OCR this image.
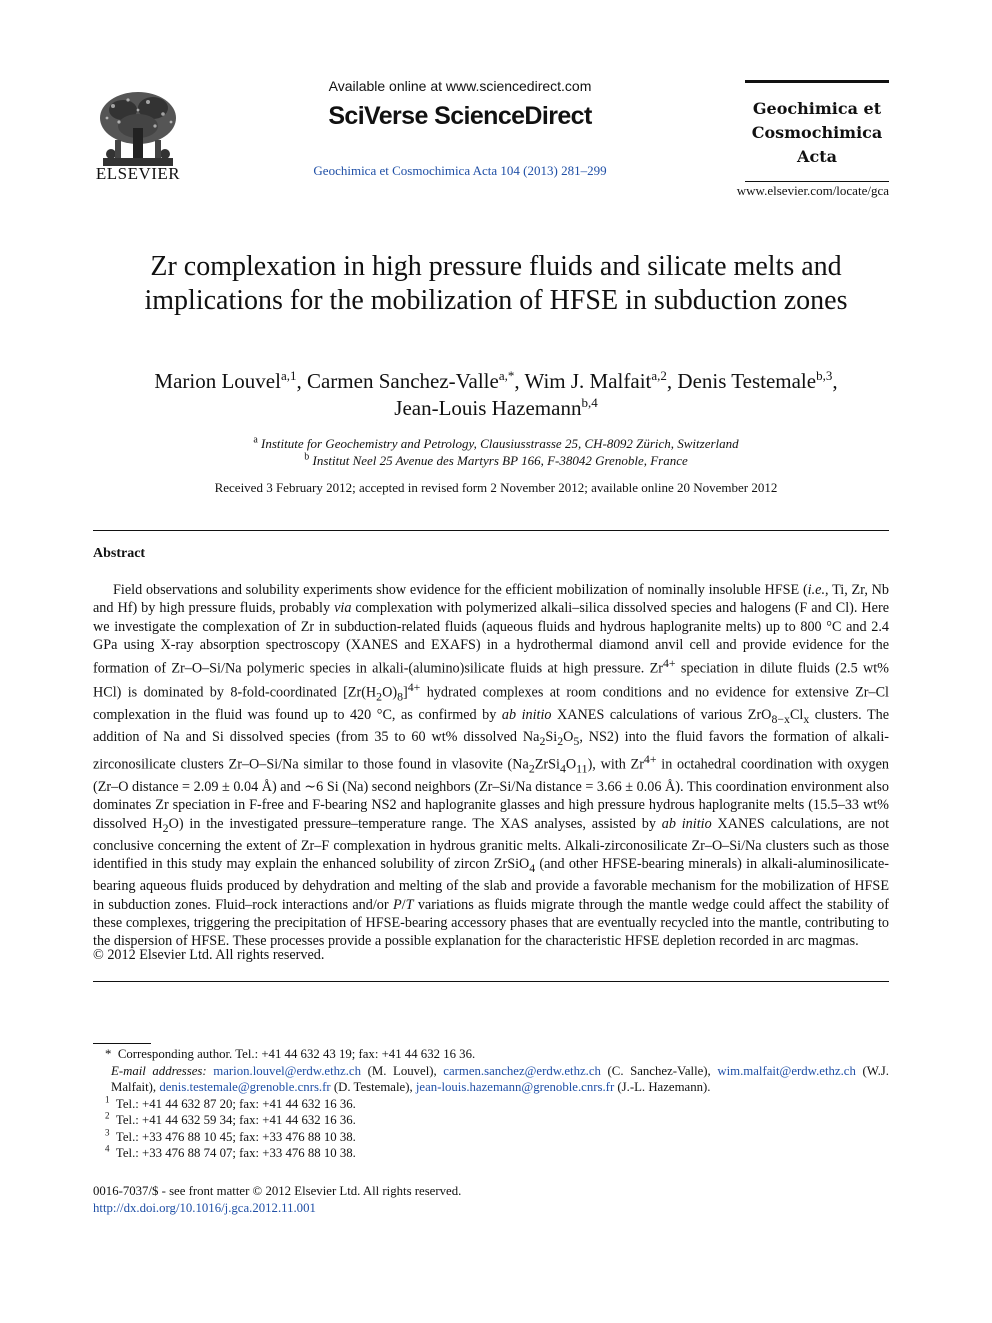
ELSEVIER
Available online at www.sciencedirect.com
SciVerse ScienceDirect
Geochimica et Cosmochimica Acta 104 (2013) 281–299
Geochimica et
Cosmochimica
Acta
www.elsevier.com/locate/gca
Zr complexation in high pressure fluids and silicate melts and implications for the mobilization of HFSE in subduction zones
Marion Louvel$^{a,1}$, Carmen Sanchez-Valle$^{a,*}$, Wim J. Malfait$^{a,2}$, Denis Testemale$^{b,3}$,
Jean-Louis Hazemann$^{b,4}$
$^a$ Institute for Geochemistry and Petrology, Clausiusstrasse 25, CH-8092 Zürich, Switzerland
$^b$ Institut Neel 25 Avenue des Martyrs BP 166, F-38042 Grenoble, France
Received 3 February 2012; accepted in revised form 2 November 2012; available online 20 November 2012
Abstract

Field observations and solubility experiments show evidence for the efficient mobilization of nominally insoluble HFSE (i.e., Ti, Zr, Nb and Hf) by high pressure fluids, probably via complexation with polymerized alkali–silica dissolved species and halogens (F and Cl). Here we investigate the complexation of Zr in subduction-related fluids (aqueous fluids and hydrous haplogranite melts) up to 800 °C and 2.4 GPa using X-ray absorption spectroscopy (XANES and EXAFS) in a hydrothermal diamond anvil cell and provide evidence for the formation of Zr–O–Si/Na polymeric species in alkali-(alumino)silicate fluids at high pressure. $Zr^{4+}$ speciation in dilute fluids (2.5 wt% HCl) is dominated by 8-fold-coordinated $[Zr(H_2O)_8]^{4+}$ hydrated complexes at room conditions and no evidence for extensive Zr–Cl complexation in the fluid was found up to 420 °C, as confirmed by ab initio XANES calculations of various $ZrO_{8-x}Cl_x$ clusters. The addition of Na and Si dissolved species (from 35 to 60 wt% dissolved $Na_2Si_2O_5$, NS2) into the fluid favors the formation of alkali-zirconosilicate clusters Zr–O–Si/Na similar to those found in vlasovite $(Na_2ZrSi_4O_{11})$, with $Zr^{4+}$ in octahedral coordination with oxygen (Zr–O distance = 2.09 ± 0.04 Å) and ∼6 Si (Na) second neighbors (Zr–Si/Na distance = 3.66 ± 0.06 Å). This coordination environment also dominates Zr speciation in F-free and F-bearing NS2 and haplogranite glasses and high pressure hydrous haplogranite melts (15.5–33 wt% dissolved $H_2O$) in the investigated pressure–temperature range. The XAS analyses, assisted by ab initio XANES calculations, are not conclusive concerning the extent of Zr–F complexation in hydrous granitic melts. Alkali-zirconosilicate Zr–O–Si/Na clusters such as those identified in this study may explain the enhanced solubility of zircon ZrSiO$_4$ (and other HFSE-bearing minerals) in alkali-aluminosilicate-bearing aqueous fluids produced by dehydration and melting of the slab and provide a favorable mechanism for the mobilization of HFSE in subduction zones. Fluid–rock interactions and/or P/T variations as fluids migrate through the mantle wedge could affect the stability of these complexes, triggering the precipitation of HFSE-bearing accessory phases that are eventually recycled into the mantle, contributing to the dispersion of HFSE. These processes provide a possible explanation for the characteristic HFSE depletion recorded in arc magmas.

© 2012 Elsevier Ltd. All rights reserved.

* Corresponding author. Tel.: +41 44 632 43 19; fax: +41 44 632 16 36.

E-mail addresses: marion.louvel@erdw.ethz.ch (M. Louvel), carmen.sanchez@erdw.ethz.ch (C. Sanchez-Valle), wim.malfait@erdw.ethz.ch (W.J. Malfait), denis.testemale@grenoble.cnrs.fr (D. Testemale), jean-louis.hazemann@grenoble.cnrs.fr (J.-L. Hazemann).

$^1$ Tel.: +41 44 632 87 20; fax: +41 44 632 16 36.

$^2$ Tel.: +41 44 632 59 34; fax: +41 44 632 16 36.

$^3$ Tel.: +33 476 88 10 45; fax: +33 476 88 10 38.

$^4$ Tel.: +33 476 88 74 07; fax: +33 476 88 10 38.

0016-7037/$ - see front matter © 2012 Elsevier Ltd. All rights reserved.
http://dx.doi.org/10.1016/j.gca.2012.11.001
